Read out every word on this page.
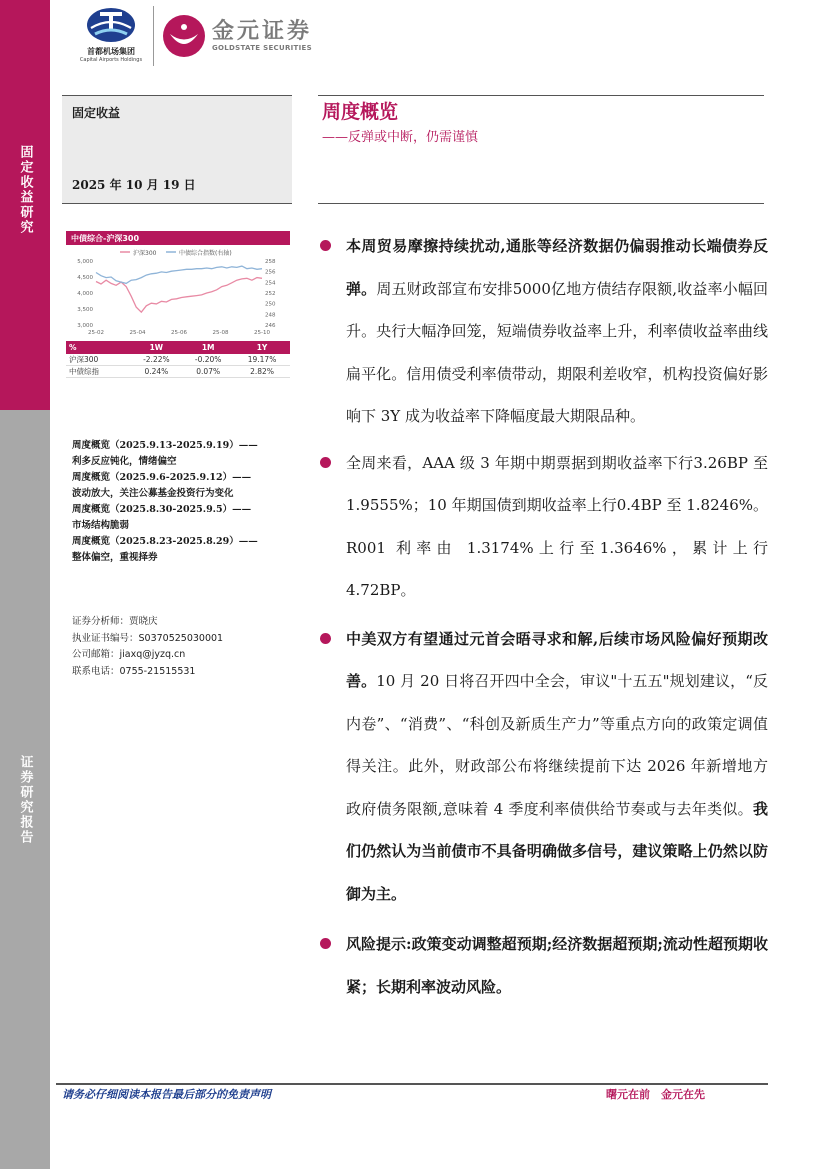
固定收益研究
证券研究报告
首都机场集团
Capital Airports Holdings
金元证券
GOLDSTATE SECURITIES
固定收益
2025 年 10 月 19 日
周度概览
——反弹或中断，仍需谨慎
中债综合-沪深300
沪深300	中债综合指数(右轴)
5,000
4,500
4,000
3,500
3,000
258
256
254
252
250
248
246
25-02	25-04	25-06	25-08	25-10
%	1W	1M	1Y
沪深300	-2.22%	-0.20%	19.17%
中债综指	0.24%	0.07%	2.82%
周度概览（2025.9.13-2025.9.19）——
利多反应钝化，情绪偏空
周度概览（2025.9.6-2025.9.12）——
波动放大，关注公募基金投资行为变化
周度概览（2025.8.30-2025.9.5）——
市场结构脆弱
周度概览（2025.8.23-2025.8.29）——
整体偏空，重视择券
证券分析师：贾晓庆
执业证书编号：S0370525030001
公司邮箱：jiaxq@jyzq.cn
联系电话：0755-21515531
本周贸易摩擦持续扰动,通胀等经济数据仍偏弱推动长端债券反弹。周五财政部宣布安排5000亿地方债结存限额,收益率小幅回升。央行大幅净回笼，短端债券收益率上升，利率债收益率曲线扁平化。信用债受利率债带动，期限利差收窄，机构投资偏好影响下 3Y 成为收益率下降幅度最大期限品种。
全周来看，AAA 级 3 年期中期票据到期收益率下行3.26BP 至 1.9555%；10 年期国债到期收益率上行0.4BP 至 1.8246%。R001 利率由 1.3174%上行至1.3646%，累计上行 4.72BP。
中美双方有望通过元首会晤寻求和解,后续市场风险偏好预期改善。10 月 20 日将召开四中全会，审议"十五五"规划建议，“反内卷”、“消费”、“科创及新质生产力”等重点方向的政策定调值得关注。此外，财政部公布将继续提前下达 2026 年新增地方政府债务限额,意味着 4 季度利率债供给节奏或与去年类似。我们仍然认为当前债市不具备明确做多信号，建议策略上仍然以防御为主。
风险提示:政策变动调整超预期;经济数据超预期;流动性超预期收紧；长期利率波动风险。
请务必仔细阅读本报告最后部分的免责声明	曙元在前　金元在先
